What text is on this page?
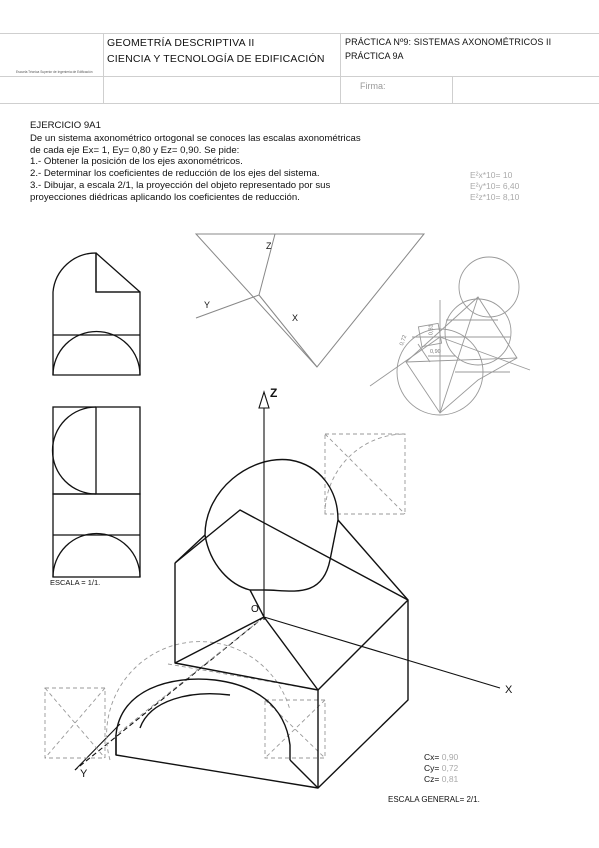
Escuela Técnica Superior de Ingeniería de Edificación
GEOMETRÍA DESCRIPTIVA II
CIENCIA Y TECNOLOGÍA DE EDIFICACIÓN
PRÁCTICA Nº9: SISTEMAS AXONOMÉTRICOS II
PRÁCTICA 9A
Firma:
EJERCICIO 9A1
De un sistema axonométrico ortogonal se conoces las escalas axonométricas
de cada eje Ex= 1, Ey= 0,80 y Ez= 0,90. Se pide:
1.- Obtener la posición de los ejes axonométricos.
2.- Determinar los coeficientes de reducción de los ejes del sistema.
3.- Dibujar, a escala 2/1, la proyección del objeto representado por sus
proyecciones diédricas aplicando los coeficientes de reducción.
E²x*10= 10
E²y*10= 6,40
E²z*10= 8,10
Z
Y
X
0,81
0,72
0,90
Z
X
Y
O
ESCALA = 1/1.
Cx= 0,90
Cy= 0,72
Cz= 0,81
ESCALA GENERAL= 2/1.
